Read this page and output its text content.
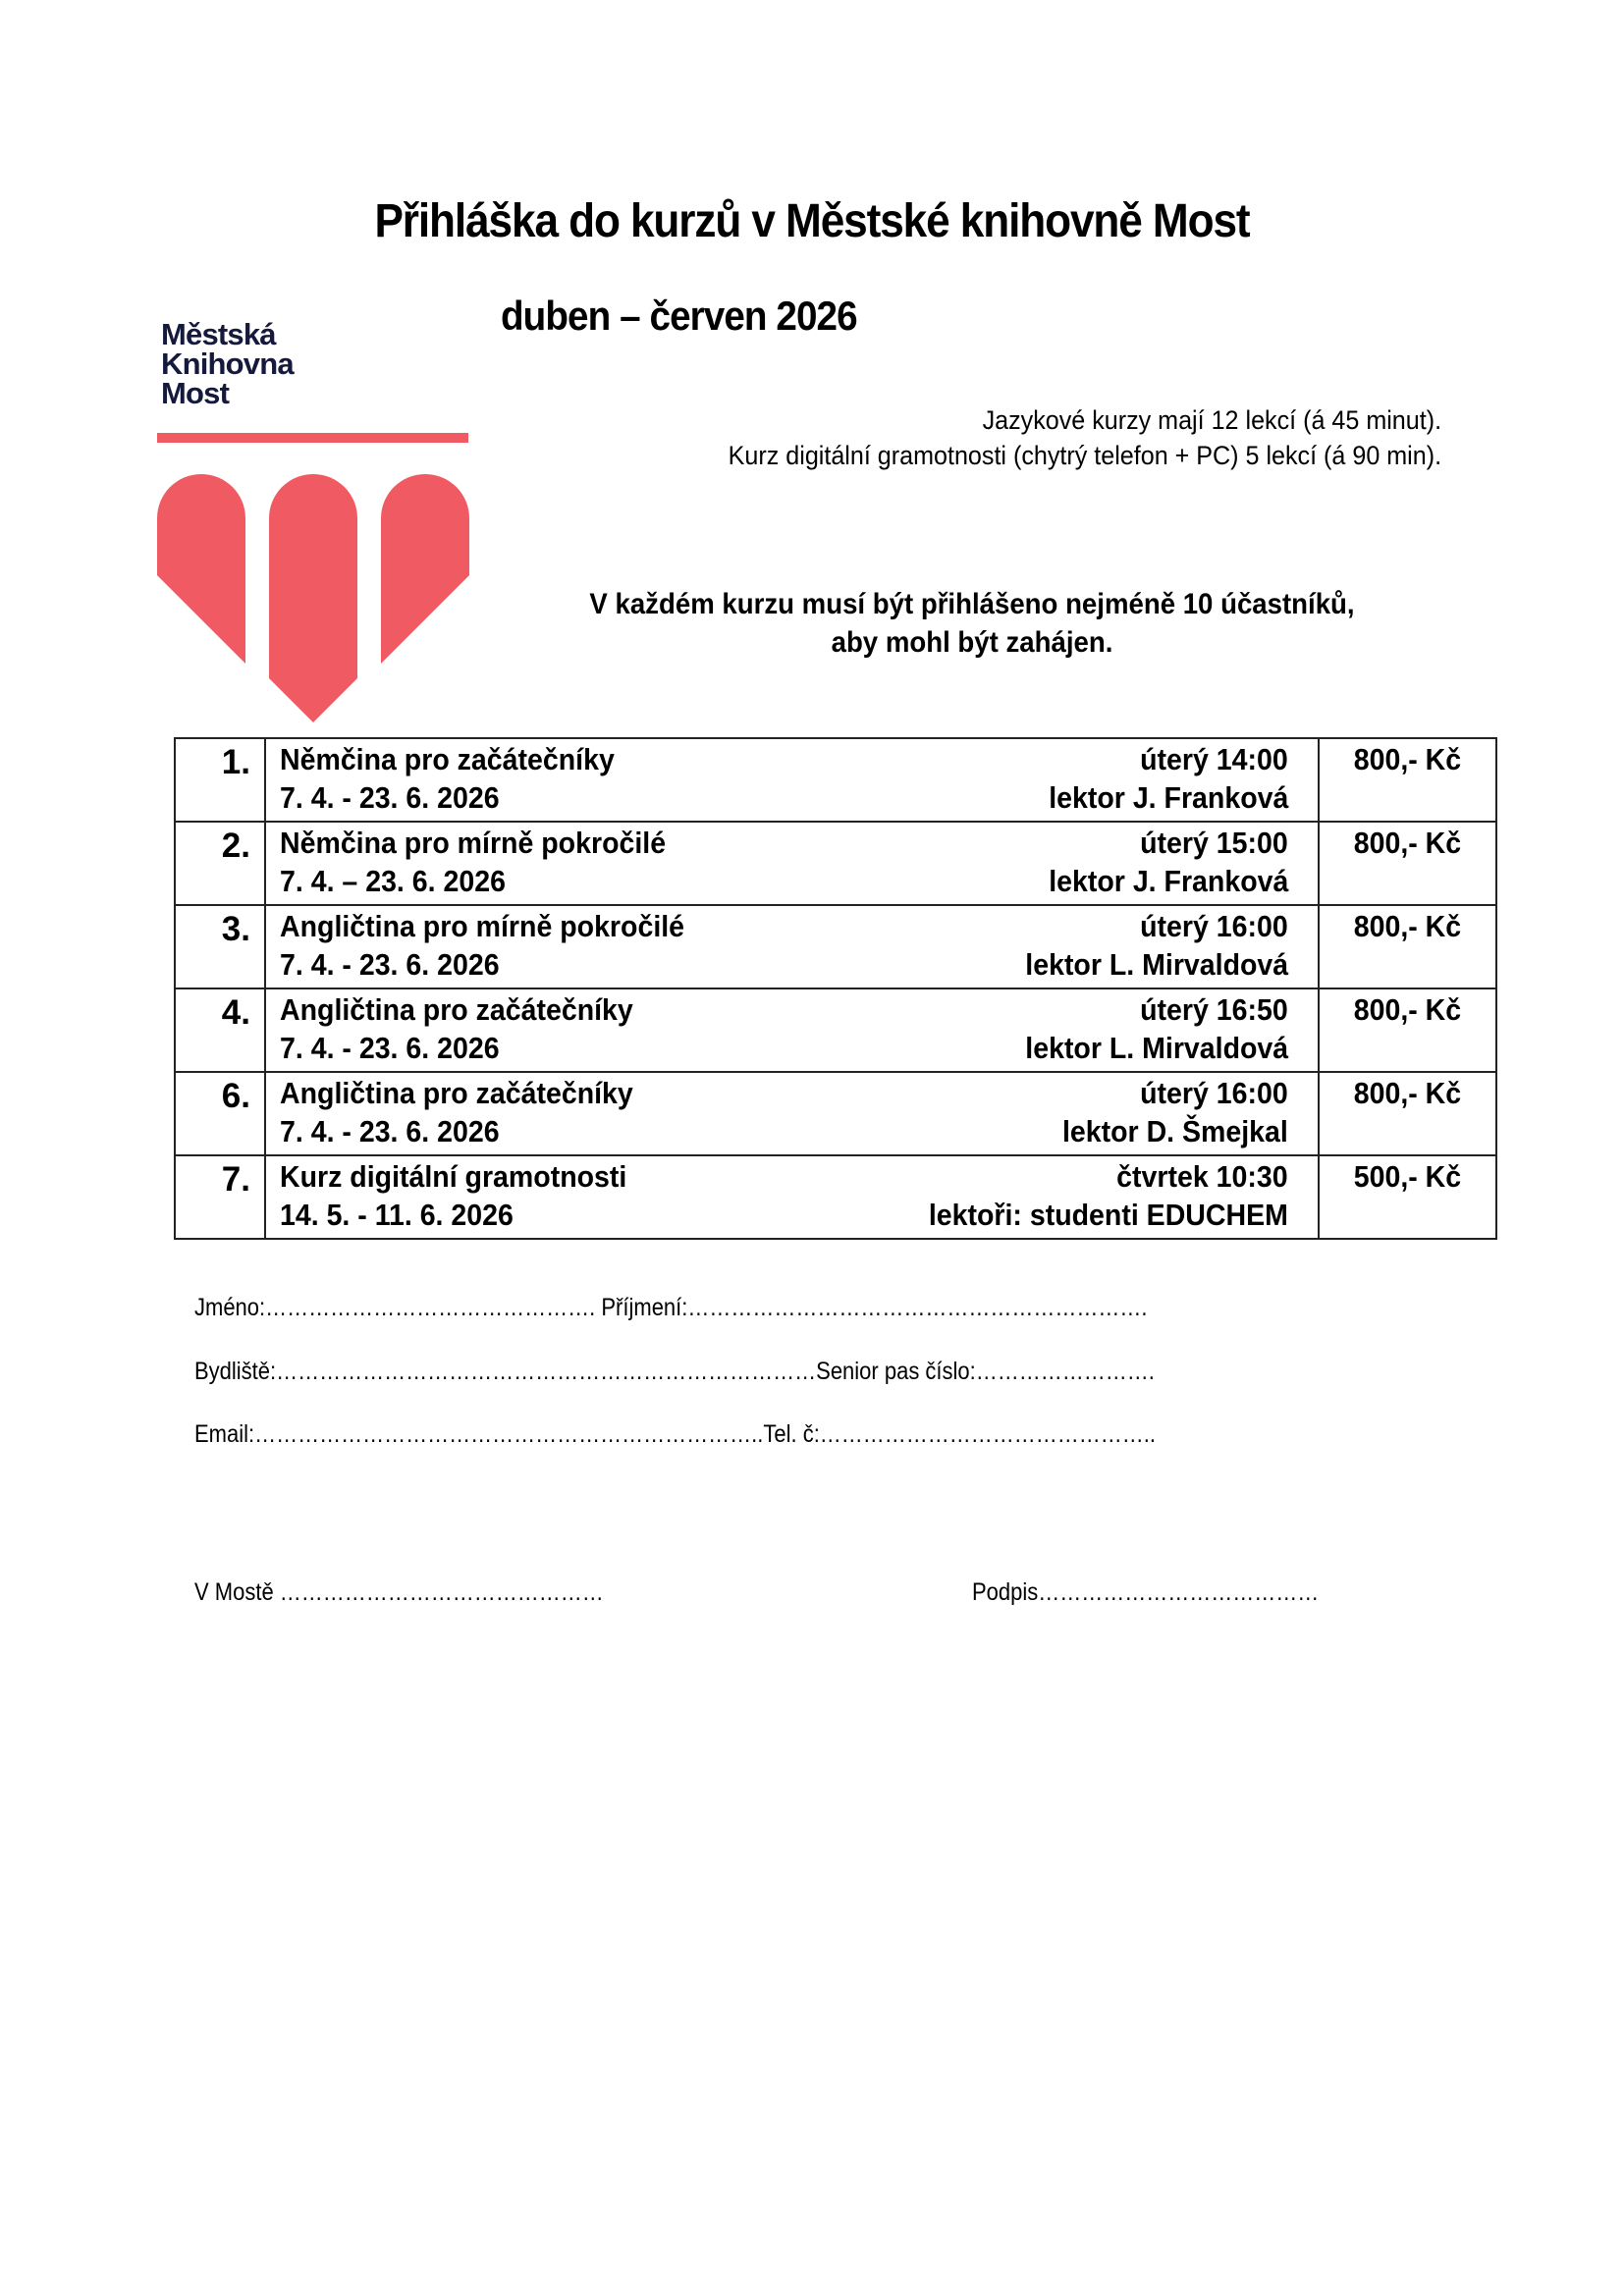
Přihláška do kurzů v Městské knihovně Most
duben – červen 2026
Městská
Knihovna
Most
Jazykové kurzy mají 12 lekcí (á 45 minut).
Kurz digitální gramotnosti (chytrý telefon + PC) 5 lekcí (á 90 min).
V každém kurzu musí být přihlášeno nejméně 10 účastníků,
aby mohl být zahájen.
1.	Němčina pro začátečníky
7. 4. - 23. 6. 2026
úterý 14:00
lektor J. Franková	800,- Kč
2.	Němčina pro mírně pokročilé
7. 4. – 23. 6. 2026
úterý 15:00
lektor J. Franková	800,- Kč
3.	Angličtina pro mírně pokročilé
7. 4. - 23. 6. 2026
úterý 16:00
lektor L. Mirvaldová	800,- Kč
4.	Angličtina pro začátečníky
7. 4. - 23. 6. 2026
úterý 16:50
lektor L. Mirvaldová	800,- Kč
6.	Angličtina pro začátečníky
7. 4. - 23. 6. 2026
úterý 16:00
lektor D. Šmejkal	800,- Kč
7.	Kurz digitální gramotnosti
14. 5. - 11. 6. 2026
čtvrtek 10:30
lektoři: studenti EDUCHEM	500,- Kč
Jméno:………………………………………. Příjmení:……………………………………………………….
Bydliště:…………………………………………………………………Senior pas číslo:…………………….
Email:……………………………………………………………..Tel. č:………………………………………..
V Mostě ………………………………………	Podpis…………………………………
